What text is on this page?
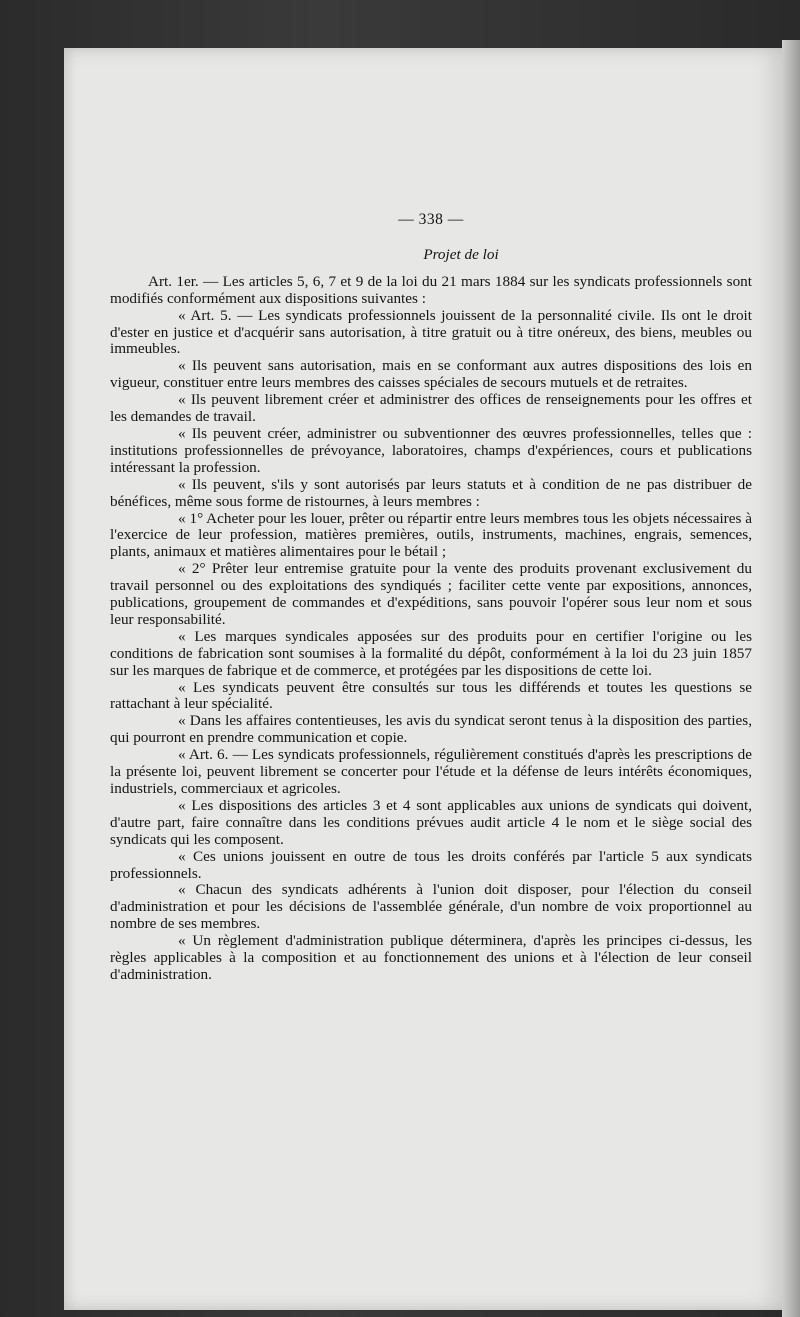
— 338 —
Projet de loi

Art. 1er. — Les articles 5, 6, 7 et 9 de la loi du 21 mars 1884 sur les syndicats professionnels sont modifiés conformément aux dispositions suivantes :

« Art. 5. — Les syndicats professionnels jouissent de la personnalité civile. Ils ont le droit d'ester en justice et d'acquérir sans autorisation, à titre gratuit ou à titre onéreux, des biens, meubles ou immeubles.

« Ils peuvent sans autorisation, mais en se conformant aux autres dispositions des lois en vigueur, constituer entre leurs membres des caisses spéciales de secours mutuels et de retraites.

« Ils peuvent librement créer et administrer des offices de renseignements pour les offres et les demandes de travail.

« Ils peuvent créer, administrer ou subventionner des œuvres professionnelles, telles que : institutions professionnelles de prévoyance, laboratoires, champs d'expériences, cours et publications intéressant la profession.

« Ils peuvent, s'ils y sont autorisés par leurs statuts et à condition de ne pas distribuer de bénéfices, même sous forme de ristournes, à leurs membres :

« 1° Acheter pour les louer, prêter ou répartir entre leurs membres tous les objets nécessaires à l'exercice de leur profession, matières premières, outils, instruments, machines, engrais, semences, plants, animaux et matières alimentaires pour le bétail ;

« 2° Prêter leur entremise gratuite pour la vente des produits provenant exclusivement du travail personnel ou des exploitations des syndiqués ; faciliter cette vente par expositions, annonces, publications, groupement de commandes et d'expéditions, sans pouvoir l'opérer sous leur nom et sous leur responsabilité.

« Les marques syndicales apposées sur des produits pour en certifier l'origine ou les conditions de fabrication sont soumises à la formalité du dépôt, conformément à la loi du 23 juin 1857 sur les marques de fabrique et de commerce, et protégées par les dispositions de cette loi.

« Les syndicats peuvent être consultés sur tous les différends et toutes les questions se rattachant à leur spécialité.

« Dans les affaires contentieuses, les avis du syndicat seront tenus à la disposition des parties, qui pourront en prendre communication et copie.

« Art. 6. — Les syndicats professionnels, régulièrement constitués d'après les prescriptions de la présente loi, peuvent librement se concerter pour l'étude et la défense de leurs intérêts économiques, industriels, commerciaux et agricoles.

« Les dispositions des articles 3 et 4 sont applicables aux unions de syndicats qui doivent, d'autre part, faire connaître dans les conditions prévues audit article 4 le nom et le siège social des syndicats qui les composent.

« Ces unions jouissent en outre de tous les droits conférés par l'article 5 aux syndicats professionnels.

« Chacun des syndicats adhérents à l'union doit disposer, pour l'élection du conseil d'administration et pour les décisions de l'assemblée générale, d'un nombre de voix proportionnel au nombre de ses membres.

« Un règlement d'administration publique déterminera, d'après les principes ci-dessus, les règles applicables à la composition et au fonctionnement des unions et à l'élection de leur conseil d'administration.
